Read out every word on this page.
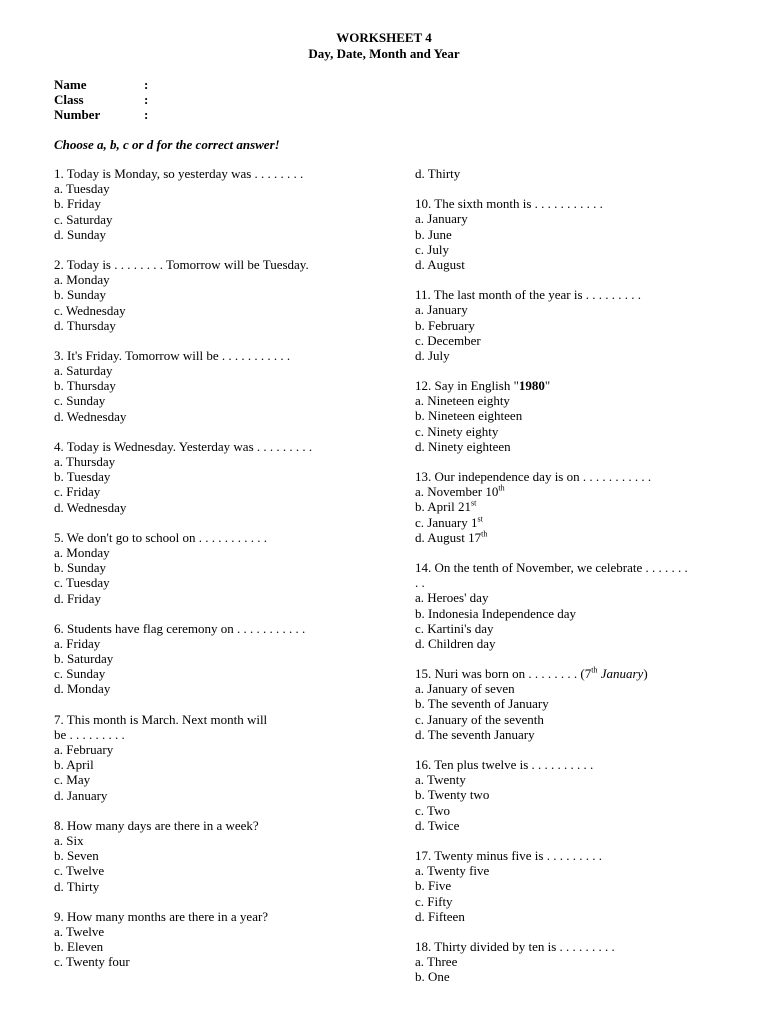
WORKSHEET 4
Day, Date, Month and Year
Name	:
Class	:
Number	:
Choose a, b, c or d for the correct answer!
1. Today is Monday, so yesterday was . . . . . . . .
a. Tuesday
b. Friday
c. Saturday
d. Sunday
2. Today is . . . . . . . . Tomorrow will be Tuesday.
a. Monday
b. Sunday
c. Wednesday
d. Thursday
3. It's Friday. Tomorrow will be . . . . . . . . . . .
a. Saturday
b. Thursday
c. Sunday
d. Wednesday
4. Today is Wednesday. Yesterday was . . . . . . . . .
a. Thursday
b. Tuesday
c. Friday
d. Wednesday
5. We don't go to school on . . . . . . . . . . .
a. Monday
b. Sunday
c. Tuesday
d. Friday
6. Students have flag ceremony on . . . . . . . . . . .
a. Friday
b. Saturday
c. Sunday
d. Monday
7. This month is March. Next month will
be . . . . . . . . .
a. February
b. April
c. May
d. January
8. How many days are there in a week?
a. Six
b. Seven
c. Twelve
d. Thirty
9. How many months are there in a year?
a. Twelve
b. Eleven
c. Twenty four
d. Thirty
10. The sixth month is . . . . . . . . . . .
a. January
b. June
c. July
d. August
11. The last month of the year is . . . . . . . . .
a. January
b. February
c. December
d. July
12. Say in English "1980"
a. Nineteen eighty
b. Nineteen eighteen
c. Ninety eighty
d. Ninety eighteen
13. Our independence day is on . . . . . . . . . . .
a. November 10th
b. April 21st
c. January 1st
d. August 17th
14. On the tenth of November, we celebrate . . . . . . .
. .
a. Heroes' day
b. Indonesia Independence day
c. Kartini's day
d. Children day
15. Nuri was born on . . . . . . . . (7th January)
a. January of seven
b. The seventh of January
c. January of the seventh
d. The seventh January
16. Ten plus twelve is . . . . . . . . . .
a. Twenty
b. Twenty two
c. Two
d. Twice
17. Twenty minus five is . . . . . . . . .
a. Twenty five
b. Five
c. Fifty
d. Fifteen
18. Thirty divided by ten is . . . . . . . . .
a. Three
b. One
